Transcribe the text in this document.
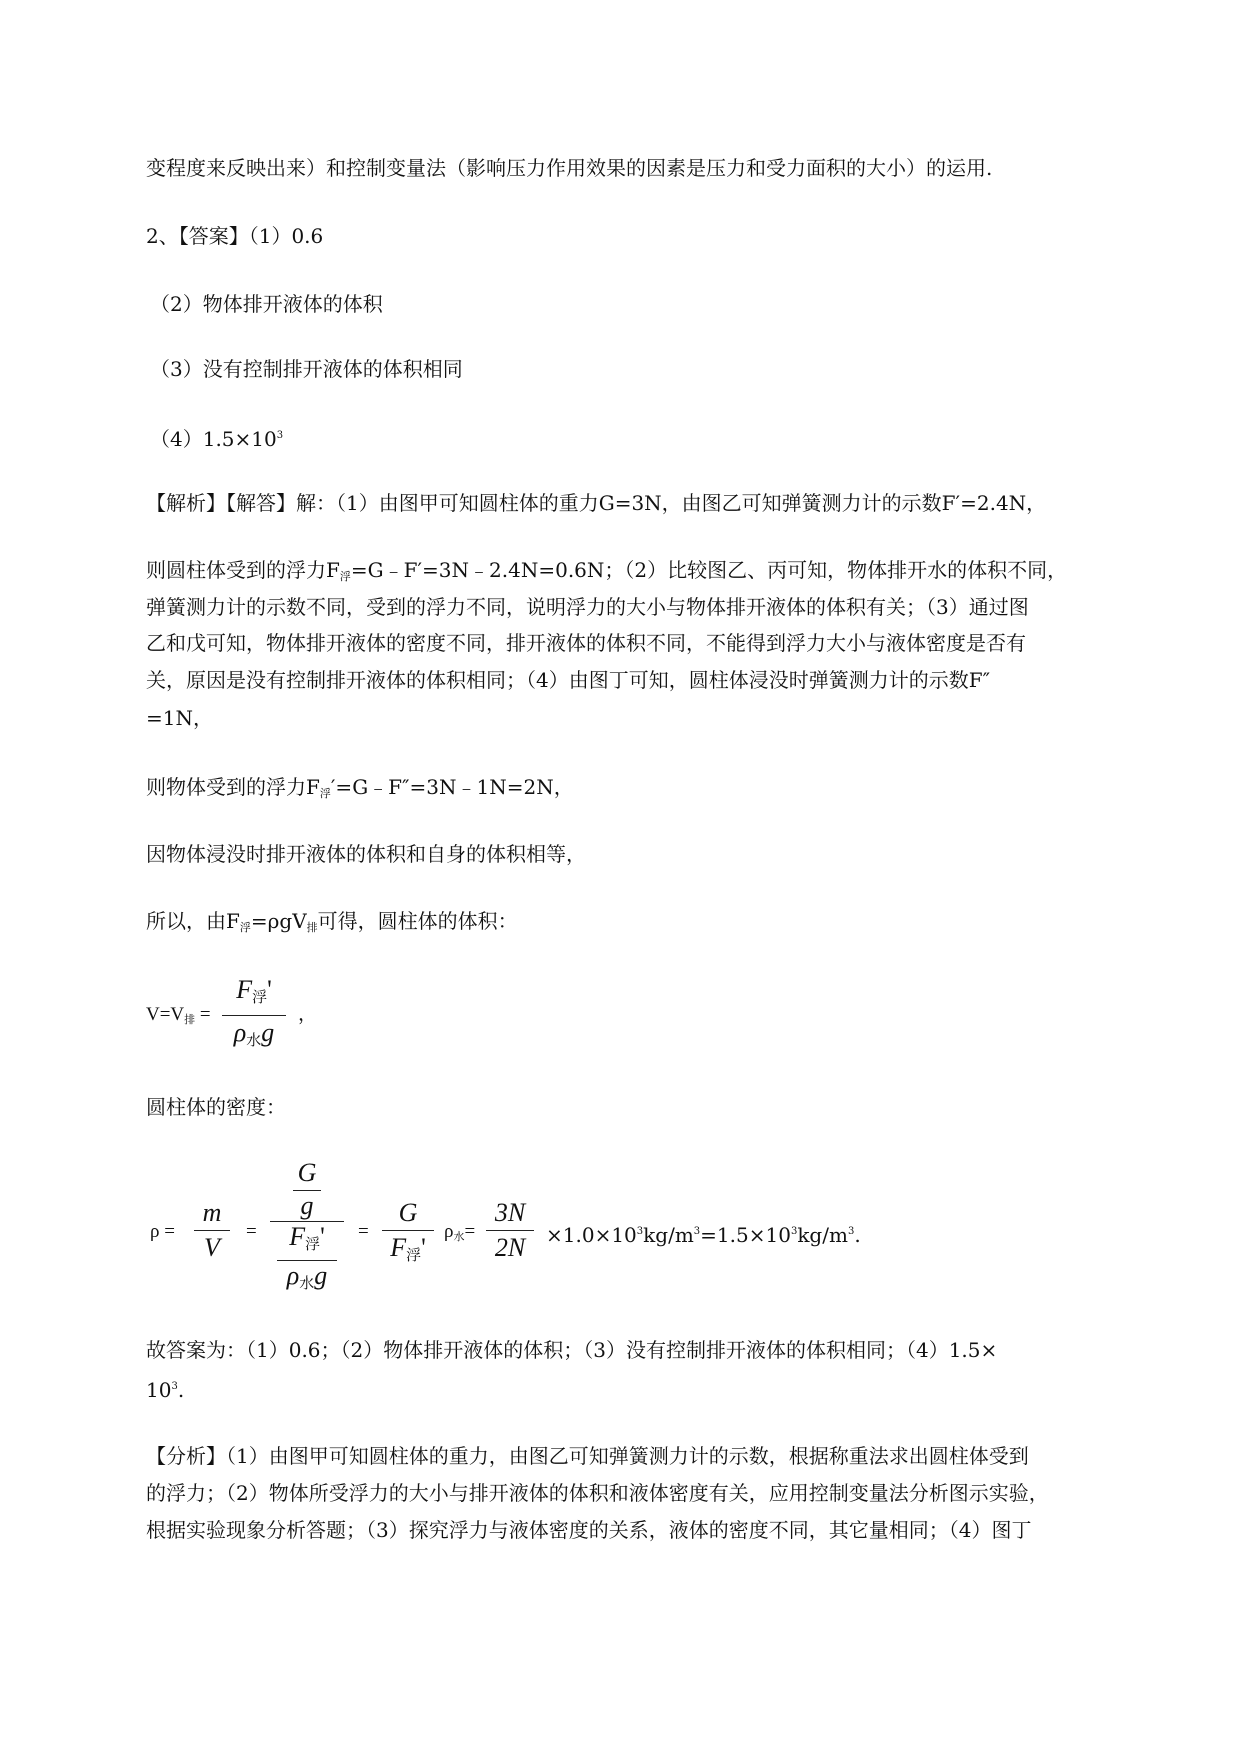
变程度来反映出来）和控制变量法（影响压力作用效果的因素是压力和受力面积的大小）的运用.
2、【答案】（1）0.6
（2）物体排开液体的体积
（3）没有控制排开液体的体积相同
$(4)1.5\times 10^3$
【解析】【解答】解：（1）由图甲可知圆柱体的重力G=3N，由图乙可知弹簧测力计的示数F′=2.4N，
则圆柱体受到的浮力$F_浮=G﹣F'=3N﹣2.4N=0.6N$；（2）比较图乙、丙可知，物体排开水的体积不同，
弹簧测力计的示数不同，受到的浮力不同，说明浮力的大小与物体排开液体的体积有关；（3）通过图
乙和戊可知，物体排开液体的密度不同，排开液体的体积不同，不能得到浮力大小与液体密度是否有
关，原因是没有控制排开液体的体积相同；（4）由图丁可知，圆柱体浸没时弹簧测力计的示数F″
=1N，
则物体受到的浮力$F_浮'=G﹣F''=3N﹣1N=2N$，
因物体浸没时排开液体的体积和自身的体积相等，
所以，由$F_浮=\rho gV_排$可得，圆柱体的体积：
$V=V_排$ =
$F_浮'$
$\rho_水g$
，
圆柱体的密度：
ρ =
m
V
=
G
g
$F_浮'$
$\rho_水g$
=
G
$F_浮'$
$\rho_水=$
3N
2N	$\times 1.0\times 10^3kg/m^3=1.5\times 10^3kg/m^3$.
故答案为：（1）0.6；（2）物体排开液体的体积；（3）没有控制排开液体的体积相同；（4）1.5×
$10^3$.
【分析】（1）由图甲可知圆柱体的重力，由图乙可知弹簧测力计的示数，根据称重法求出圆柱体受到
的浮力；（2）物体所受浮力的大小与排开液体的体积和液体密度有关，应用控制变量法分析图示实验，
根据实验现象分析答题；（3）探究浮力与液体密度的关系，液体的密度不同，其它量相同；（4）图丁
